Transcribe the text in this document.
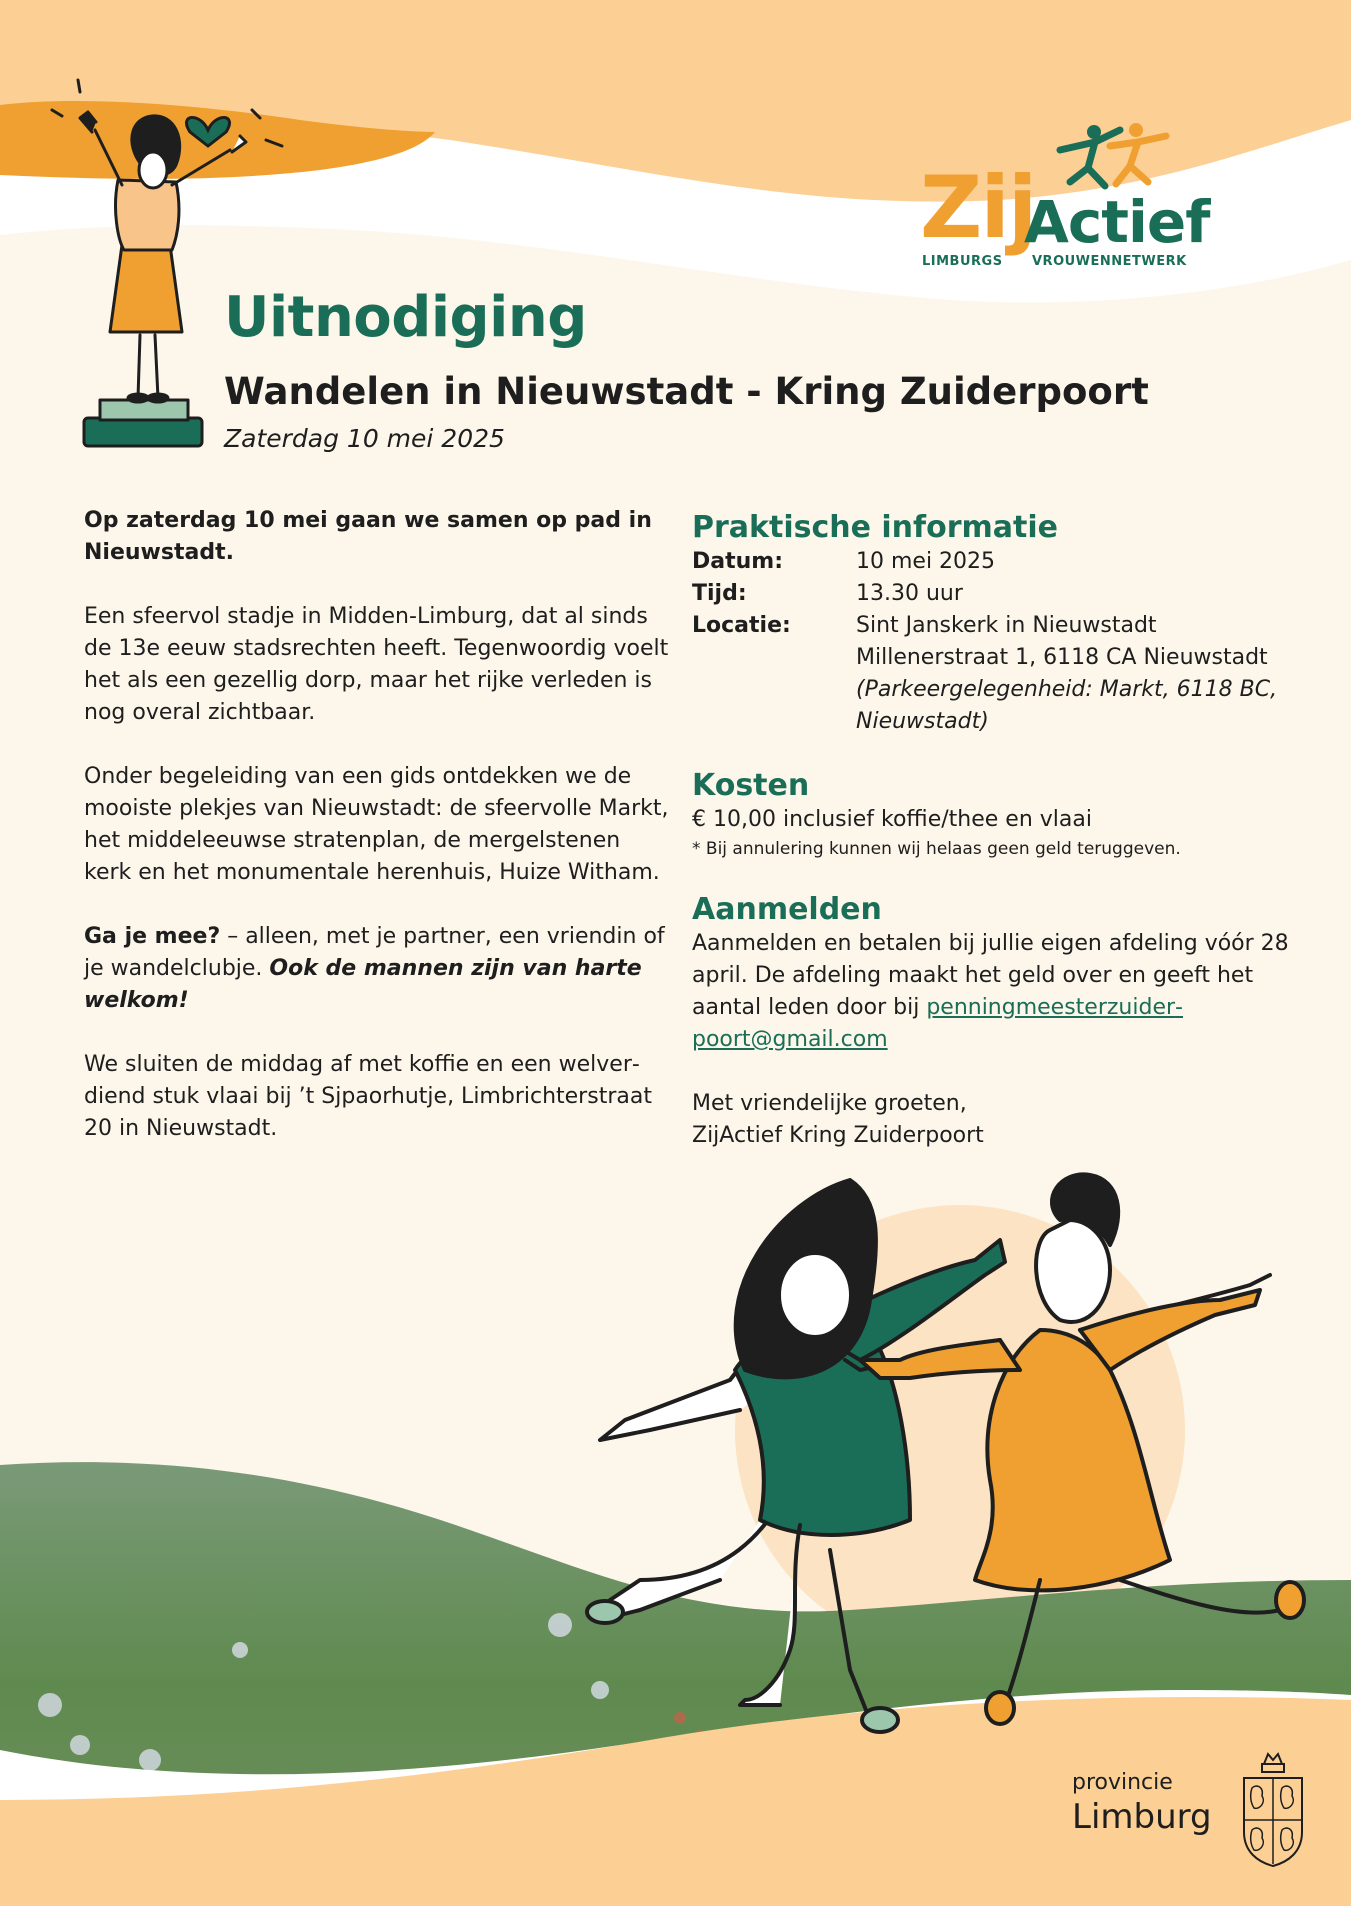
Zij
Actief
LIMBURGS VROUWENNETWERK
Uitnodiging
Wandelen in Nieuwstadt - Kring Zuiderpoort
Zaterdag 10 mei 2025

Op zaterdag 10 mei gaan we samen op pad in Nieuwstadt.

Een sfeervol stadje in Midden-Limburg, dat al sinds de 13e eeuw stadsrechten heeft. Tegenwoordig voelt het als een gezellig dorp, maar het rijke verleden is nog overal zichtbaar.

Onder begeleiding van een gids ontdekken we de mooiste plekjes van Nieuwstadt: de sfeervolle Markt, het middeleeuwse stratenplan, de mergelstenen kerk en het monumentale herenhuis, Huize Witham.

Ga je mee? – alleen, met je partner, een vriendin of je wandelclubje. Ook de mannen zijn van harte welkom!

We sluiten de middag af met koffie en een welverdiend stuk vlaai bij ’t Sjpaorhutje, Limbrichterstraat 20 in Nieuwstadt.

Praktische informatie
Datum:	10 mei 2025
Tijd:	13.30 uur
Locatie:	Sint Janskerk in Nieuwstadt
Millenerstraat 1, 6118 CA Nieuwstadt
(Parkeergelegenheid: Markt, 6118 BC, Nieuwstadt)
Kosten
€ 10,00 inclusief koffie/thee en vlaai
* Bij annulering kunnen wij helaas geen geld teruggeven.
Aanmelden
Aanmelden en betalen bij jullie eigen afdeling vóór 28 april. De afdeling maakt het geld over en geeft het aantal leden door bij penningmeesterzuiderpoort@gmail.com
Met vriendelijke groeten,
ZijActief Kring Zuiderpoort
provincie
Limburg
